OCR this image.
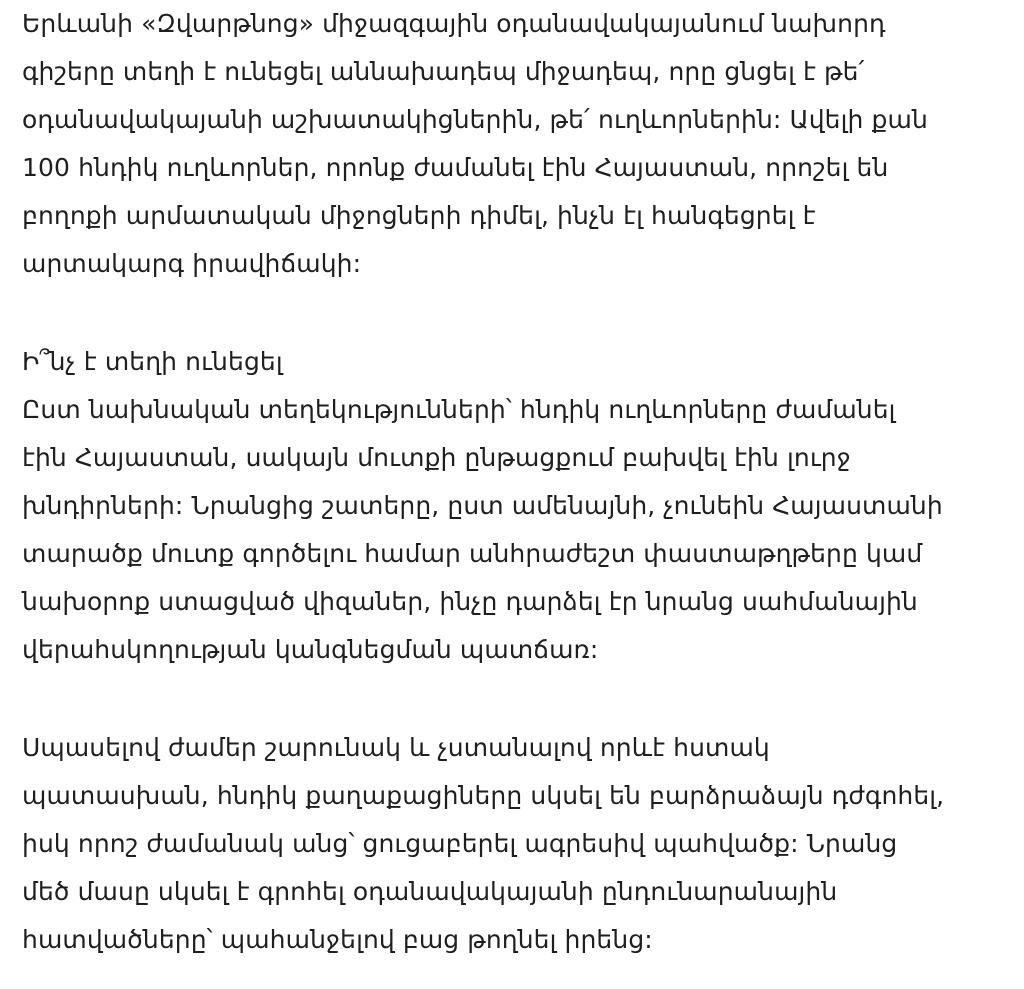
Երևանի «Զվարթնոց» միջազգային օդանավակայանում նախորդ
գիշերը տեղի է ունեցել աննախադեպ միջադեպ, որը ցնցել է թե՛
օդանավակայանի աշխատակիցներին, թե՛ ուղևորներին: Ավելի քան
100 հնդիկ ուղևորներ, որոնք ժամանել էին Հայաստան, որոշել են
բողոքի արմատական միջոցների դիմել, ինչն էլ հանգեցրել է
արտակարգ իրավիճակի:
Ի՞նչ է տեղի ունեցել
Ըստ նախնական տեղեկությունների՝ հնդիկ ուղևորները ժամանել
էին Հայաստան, սակայն մուտքի ընթացքում բախվել էին լուրջ
խնդիրների: Նրանցից շատերը, ըստ ամենայնի, չունեին Հայաստանի
տարածք մուտք գործելու համար անհրաժեշտ փաստաթղթերը կամ
նախօրոք ստացված վիզաներ, ինչը դարձել էր նրանց սահմանային
վերահսկողության կանգնեցման պատճառ:
Սպասելով ժամեր շարունակ և չստանալով որևէ հստակ
պատասխան, հնդիկ քաղաքացիները սկսել են բարձրաձայն դժգոհել,
իսկ որոշ ժամանակ անց՝ ցուցաբերել ագրեսիվ պահվածք: Նրանց
մեծ մասը սկսել է գրոհել օդանավակայանի ընդունարանային
հատվածները՝ պահանջելով բաց թողնել իրենց:
